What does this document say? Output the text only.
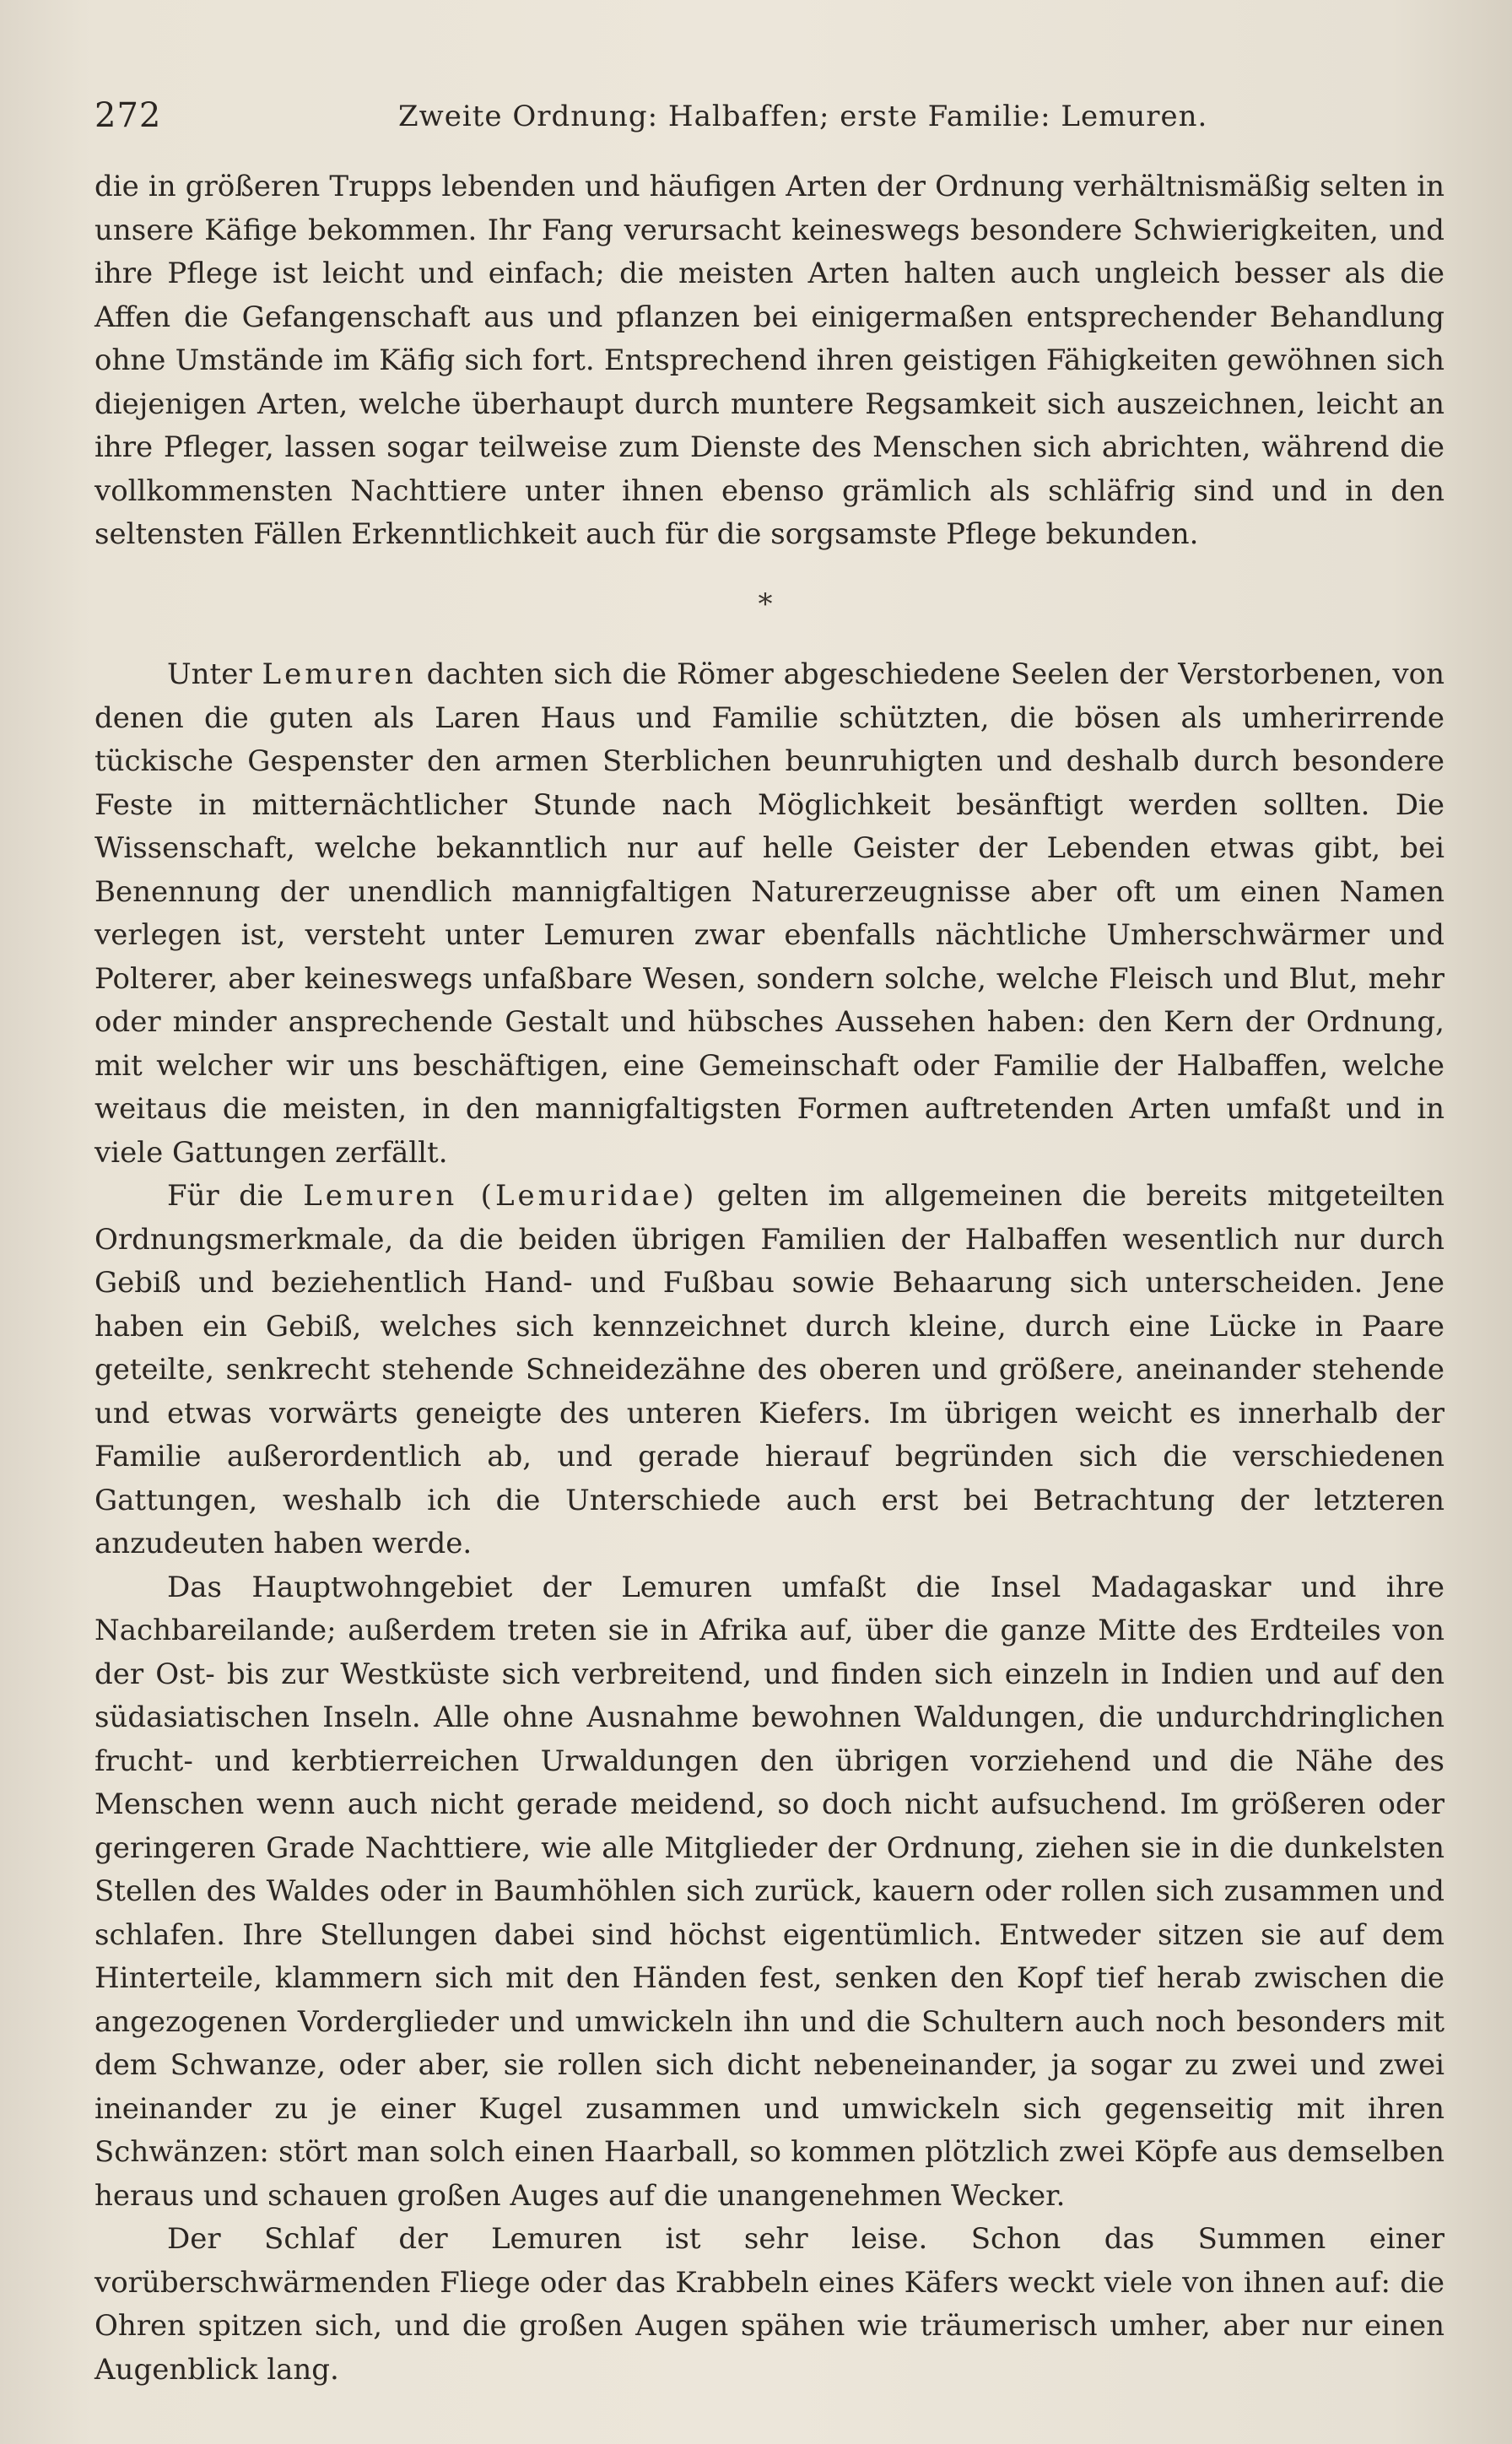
272	Zweite Ordnung: Halbaffen; erste Familie: Lemuren.

die in größeren Trupps lebenden und häufigen Arten der Ordnung verhältnismäßig selten in unsere Käfige bekommen. Ihr Fang verursacht keineswegs besondere Schwierigkeiten, und ihre Pflege ist leicht und einfach; die meisten Arten halten auch ungleich besser als die Affen die Gefangenschaft aus und pflanzen bei einigermaßen entsprechender Behandlung ohne Umstände im Käfig sich fort. Entsprechend ihren geistigen Fähigkeiten gewöhnen sich diejenigen Arten, welche überhaupt durch muntere Regsamkeit sich auszeichnen, leicht an ihre Pfleger, lassen sogar teilweise zum Dienste des Menschen sich abrichten, während die vollkommensten Nachttiere unter ihnen ebenso grämlich als schläfrig sind und in den seltensten Fällen Erkenntlichkeit auch für die sorgsamste Pflege bekunden.

*

Unter Lemuren dachten sich die Römer abgeschiedene Seelen der Verstorbenen, von denen die guten als Laren Haus und Familie schützten, die bösen als umherirrende tückische Gespenster den armen Sterblichen beunruhigten und deshalb durch besondere Feste in mitternächtlicher Stunde nach Möglichkeit besänftigt werden sollten. Die Wissenschaft, welche bekanntlich nur auf helle Geister der Lebenden etwas gibt, bei Benennung der unendlich mannigfaltigen Naturerzeugnisse aber oft um einen Namen verlegen ist, versteht unter Lemuren zwar ebenfalls nächtliche Umherschwärmer und Polterer, aber keineswegs unfaßbare Wesen, sondern solche, welche Fleisch und Blut, mehr oder minder ansprechende Gestalt und hübsches Aussehen haben: den Kern der Ordnung, mit welcher wir uns beschäftigen, eine Gemeinschaft oder Familie der Halbaffen, welche weitaus die meisten, in den mannigfaltigsten Formen auftretenden Arten umfaßt und in viele Gattungen zerfällt.

Für die Lemuren (Lemuridae) gelten im allgemeinen die bereits mitgeteilten Ordnungsmerkmale, da die beiden übrigen Familien der Halbaffen wesentlich nur durch Gebiß und beziehentlich Hand- und Fußbau sowie Behaarung sich unterscheiden. Jene haben ein Gebiß, welches sich kennzeichnet durch kleine, durch eine Lücke in Paare geteilte, senkrecht stehende Schneidezähne des oberen und größere, aneinander stehende und etwas vorwärts geneigte des unteren Kiefers. Im übrigen weicht es innerhalb der Familie außerordentlich ab, und gerade hierauf begründen sich die verschiedenen Gattungen, weshalb ich die Unterschiede auch erst bei Betrachtung der letzteren anzudeuten haben werde.

Das Hauptwohngebiet der Lemuren umfaßt die Insel Madagaskar und ihre Nachbareilande; außerdem treten sie in Afrika auf, über die ganze Mitte des Erdteiles von der Ost- bis zur Westküste sich verbreitend, und finden sich einzeln in Indien und auf den südasiatischen Inseln. Alle ohne Ausnahme bewohnen Waldungen, die undurchdringlichen frucht- und kerbtierreichen Urwaldungen den übrigen vorziehend und die Nähe des Menschen wenn auch nicht gerade meidend, so doch nicht aufsuchend. Im größeren oder geringeren Grade Nachttiere, wie alle Mitglieder der Ordnung, ziehen sie in die dunkelsten Stellen des Waldes oder in Baumhöhlen sich zurück, kauern oder rollen sich zusammen und schlafen. Ihre Stellungen dabei sind höchst eigentümlich. Entweder sitzen sie auf dem Hinterteile, klammern sich mit den Händen fest, senken den Kopf tief herab zwischen die angezogenen Vorderglieder und umwickeln ihn und die Schultern auch noch besonders mit dem Schwanze, oder aber, sie rollen sich dicht nebeneinander, ja sogar zu zwei und zwei ineinander zu je einer Kugel zusammen und umwickeln sich gegenseitig mit ihren Schwänzen: stört man solch einen Haarball, so kommen plötzlich zwei Köpfe aus demselben heraus und schauen großen Auges auf die unangenehmen Wecker.

Der Schlaf der Lemuren ist sehr leise. Schon das Summen einer vorüberschwärmenden Fliege oder das Krabbeln eines Käfers weckt viele von ihnen auf: die Ohren spitzen sich, und die großen Augen spähen wie träumerisch umher, aber nur einen Augenblick lang.
